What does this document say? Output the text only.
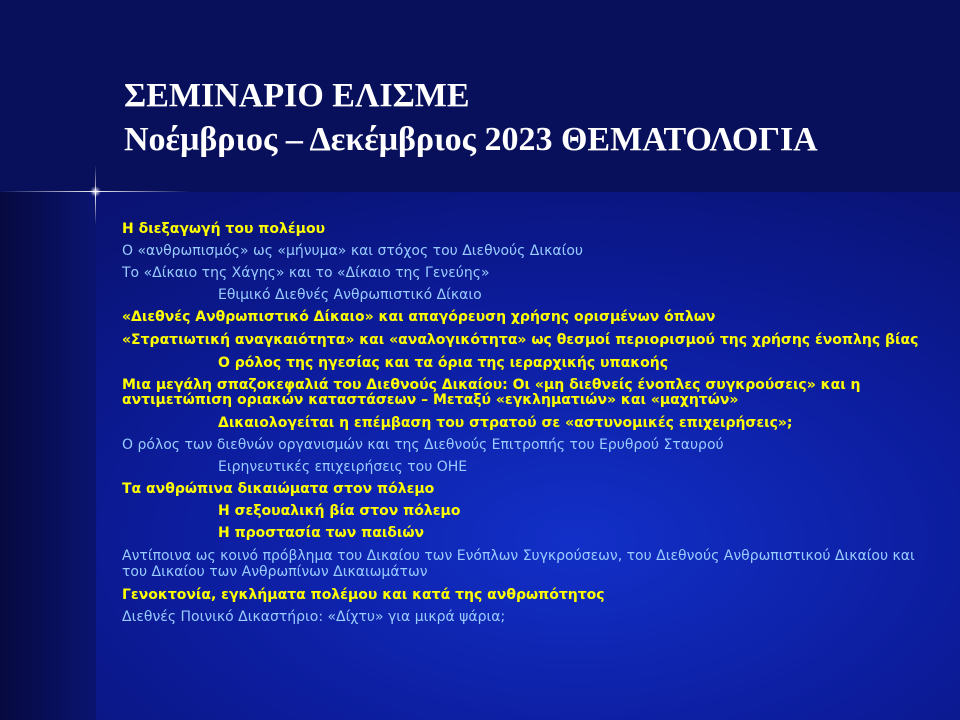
ΣΕΜΙΝΑΡΙΟ ΕΛΙΣΜΕ
Νοέμβριος – Δεκέμβριος 2023 ΘΕΜΑΤΟΛΟΓΙΑ
Η διεξαγωγή του πολέμου
Ο «ανθρωπισμός» ως «μήνυμα» και στόχος του Διεθνούς Δικαίου
Το «Δίκαιο της Χάγης» και το «Δίκαιο της Γενεύης»
Εθιμικό Διεθνές Ανθρωπιστικό Δίκαιο
«Διεθνές Ανθρωπιστικό Δίκαιο» και απαγόρευση χρήσης ορισμένων όπλων
«Στρατιωτική αναγκαιότητα» και «αναλογικότητα» ως θεσμοί περιορισμού της χρήσης ένοπλης βίας
Ο ρόλος της ηγεσίας και τα όρια της ιεραρχικής υπακοής
Μια μεγάλη σπαζοκεφαλιά του Διεθνούς Δικαίου: Οι «μη διεθνείς ένοπλες συγκρούσεις» και η αντιμετώπιση οριακών καταστάσεων – Μεταξύ «εγκληματιών» και «μαχητών»
Δικαιολογείται η επέμβαση του στρατού σε «αστυνομικές επιχειρήσεις»;
Ο ρόλος των διεθνών οργανισμών και της Διεθνούς Επιτροπής του Ερυθρού Σταυρού
Ειρηνευτικές επιχειρήσεις του ΟΗΕ
Τα ανθρώπινα δικαιώματα στον πόλεμο
Η σεξουαλική βία στον πόλεμο
Η προστασία των παιδιών
Αντίποινα ως κοινό πρόβλημα του Δικαίου των Ενόπλων Συγκρούσεων, του Διεθνούς Ανθρωπιστικού Δικαίου και του Δικαίου των Ανθρωπίνων Δικαιωμάτων
Γενοκτονία, εγκλήματα πολέμου και κατά της ανθρωπότητος
Διεθνές Ποινικό Δικαστήριο: «Δίχτυ» για μικρά ψάρια;
